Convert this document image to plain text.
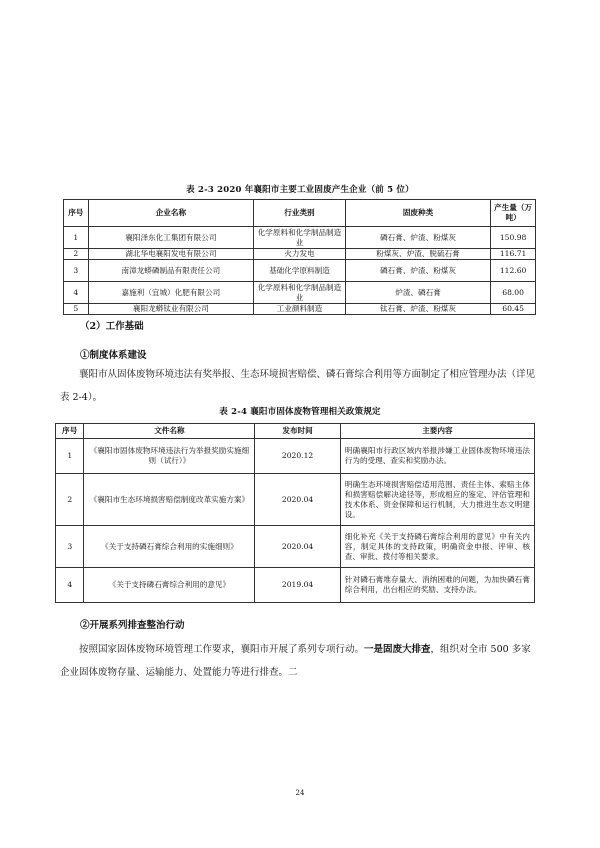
表 2-3 2020 年襄阳市主要工业固废产生企业（前 5 位）
序号	企业名称	行业类别	固废种类	产生量（万吨）
1	襄阳泽东化工集团有限公司	化学原料和化学制品制造业	磷石膏、炉渣、粉煤灰	150.98
2	湖北华电襄阳发电有限公司	火力发电	粉煤灰、炉渣、脱硫石膏	116.71
3	南漳龙蟒磷制品有限责任公司	基础化学原料制造	磷石膏、炉渣、粉煤灰	112.60
4	嘉施利（宜城）化肥有限公司	化学原料和化学制品制造业	炉渣、磷石膏	68.00
5	襄阳龙蟒钛业有限公司	工业颜料制造	钛石膏、炉渣、粉煤灰	60.45
（2）工作基础
①制度体系建设
襄阳市从固体废物环境违法有奖举报、生态环境损害赔偿、磷石膏综合利用等方面制定了相应管理办法（详见表 2-4）。
表 2-4 襄阳市固体废物管理相关政策规定
序号	文件名称	发布时间	主要内容
1	《襄阳市固体废物环境违法行为举报奖励实施细则（试行）》	2020.12	明确襄阳市行政区域内举报涉嫌工业固体废物环境违法行为的受理、查实和奖励办法。
2	《襄阳市生态环境损害赔偿制度改革实施方案》	2020.04	明确生态环境损害赔偿适用范围、责任主体、索赔主体和损害赔偿解决途径等，形成相应的鉴定、评估管理和技术体系、资金保障和运行机制，大力推进生态文明建设。
3	《关于支持磷石膏综合利用的实施细则》	2020.04	细化补充《关于支持磷石膏综合利用的意见》中有关内容，制定具体的支持政策，明确资金申报、评审、核查、审批、拨付等相关要求。
4	《关于支持磷石膏综合利用的意见》	2019.04	针对磷石膏堆存量大、消纳困难的问题，为加快磷石膏综合利用，出台相应的奖励、支持办法。
②开展系列排查整治行动
按照国家固体废物环境管理工作要求，襄阳市开展了系列专项行动。一是固废大排查，组织对全市 500 多家企业固体废物存量、运输能力、处置能力等进行排查。二
24
